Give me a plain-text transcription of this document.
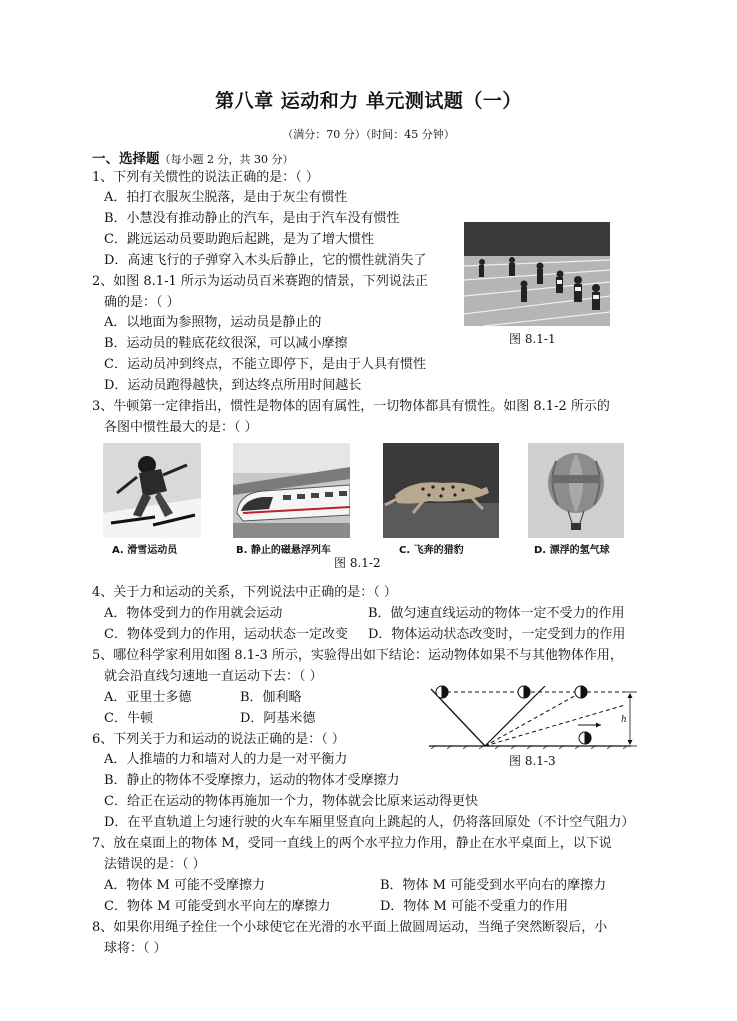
第八章 运动和力 单元测试题（一）
（满分：70 分）（时间：45 分钟）
一、选择题（每小题 2 分，共 30 分）
1、下列有关惯性的说法正确的是：（ ）
A．拍打衣服灰尘脱落，是由于灰尘有惯性
B．小慧没有推动静止的汽车，是由于汽车没有惯性
C．跳远运动员要助跑后起跳，是为了增大惯性
D．高速飞行的子弹穿入木头后静止，它的惯性就消失了
图 8.1-1
2、如图 8.1-1 所示为运动员百米赛跑的情景，下列说法正
确的是：（ ）
A．以地面为参照物，运动员是静止的
B．运动员的鞋底花纹很深，可以减小摩擦
C．运动员冲到终点，不能立即停下，是由于人具有惯性
D．运动员跑得越快，到达终点所用时间越长
3、牛顿第一定律指出，惯性是物体的固有属性，一切物体都具有惯性。如图 8.1-2 所示的
各图中惯性最大的是：（ ）
A. 滑雪运动员	B. 静止的磁悬浮列车	C. 飞奔的猎豹	D. 漂浮的氢气球
图 8.1-2
4、关于力和运动的关系，下列说法中正确的是：（ ）
A．物体受到力的作用就会运动	B．做匀速直线运动的物体一定不受力的作用
C．物体受到力的作用，运动状态一定改变 D．物体运动状态改变时，一定受到力的作用
5、哪位科学家利用如图 8.1-3 所示，实验得出如下结论：运动物体如果不与其他物体作用，
就会沿直线匀速地一直运动下去：（ ）
A．亚里士多德	B．伽利略
C．牛顿	D．阿基米德	h
图 8.1-3
6、下列关于力和运动的说法正确的是：（ ）
A．人推墙的力和墙对人的力是一对平衡力
B．静止的物体不受摩擦力，运动的物体才受摩擦力
C．给正在运动的物体再施加一个力，物体就会比原来运动得更快
D．在平直轨道上匀速行驶的火车车厢里竖直向上跳起的人，仍将落回原处（不计空气阻力）
7、放在桌面上的物体 M，受同一直线上的两个水平拉力作用，静止在水平桌面上，以下说
法错误的是：（ ）
A．物体 M 可能不受摩擦力	B．物体 M 可能受到水平向右的摩擦力
C．物体 M 可能受到水平向左的摩擦力	D．物体 M 可能不受重力的作用
8、如果你用绳子拴住一个小球使它在光滑的水平面上做圆周运动，当绳子突然断裂后，小
球将：（ ）
